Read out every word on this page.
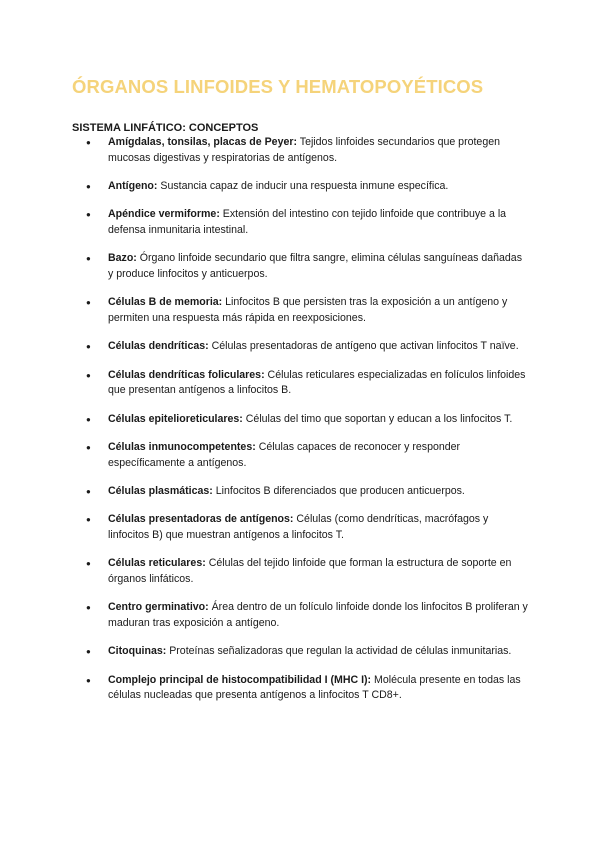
ÓRGANOS LINFOIDES Y HEMATOPOYÉTICOS
SISTEMA LINFÁTICO: CONCEPTOS
● Amígdalas, tonsilas, placas de Peyer: Tejidos linfoides secundarios que protegen mucosas digestivas y respiratorias de antígenos.
● Antígeno: Sustancia capaz de inducir una respuesta inmune específica.
● Apéndice vermiforme: Extensión del intestino con tejido linfoide que contribuye a la defensa inmunitaria intestinal.
● Bazo: Órgano linfoide secundario que filtra sangre, elimina células sanguíneas dañadas y produce linfocitos y anticuerpos.
● Células B de memoria: Linfocitos B que persisten tras la exposición a un antígeno y permiten una respuesta más rápida en reexposiciones.
● Células dendríticas: Células presentadoras de antígeno que activan linfocitos T naïve.
● Células dendríticas foliculares: Células reticulares especializadas en folículos linfoides que presentan antígenos a linfocitos B.
● Células epitelioreticulares: Células del timo que soportan y educan a los linfocitos T.
● Células inmunocompetentes: Células capaces de reconocer y responder específicamente a antígenos.
● Células plasmáticas: Linfocitos B diferenciados que producen anticuerpos.
● Células presentadoras de antígenos: Células (como dendríticas, macrófagos y linfocitos B) que muestran antígenos a linfocitos T.
● Células reticulares: Células del tejido linfoide que forman la estructura de soporte en órganos linfáticos.
● Centro germinativo: Área dentro de un folículo linfoide donde los linfocitos B proliferan y maduran tras exposición a antígeno.
● Citoquinas: Proteínas señalizadoras que regulan la actividad de células inmunitarias.
● Complejo principal de histocompatibilidad I (MHC I): Molécula presente en todas las células nucleadas que presenta antígenos a linfocitos T CD8+.
